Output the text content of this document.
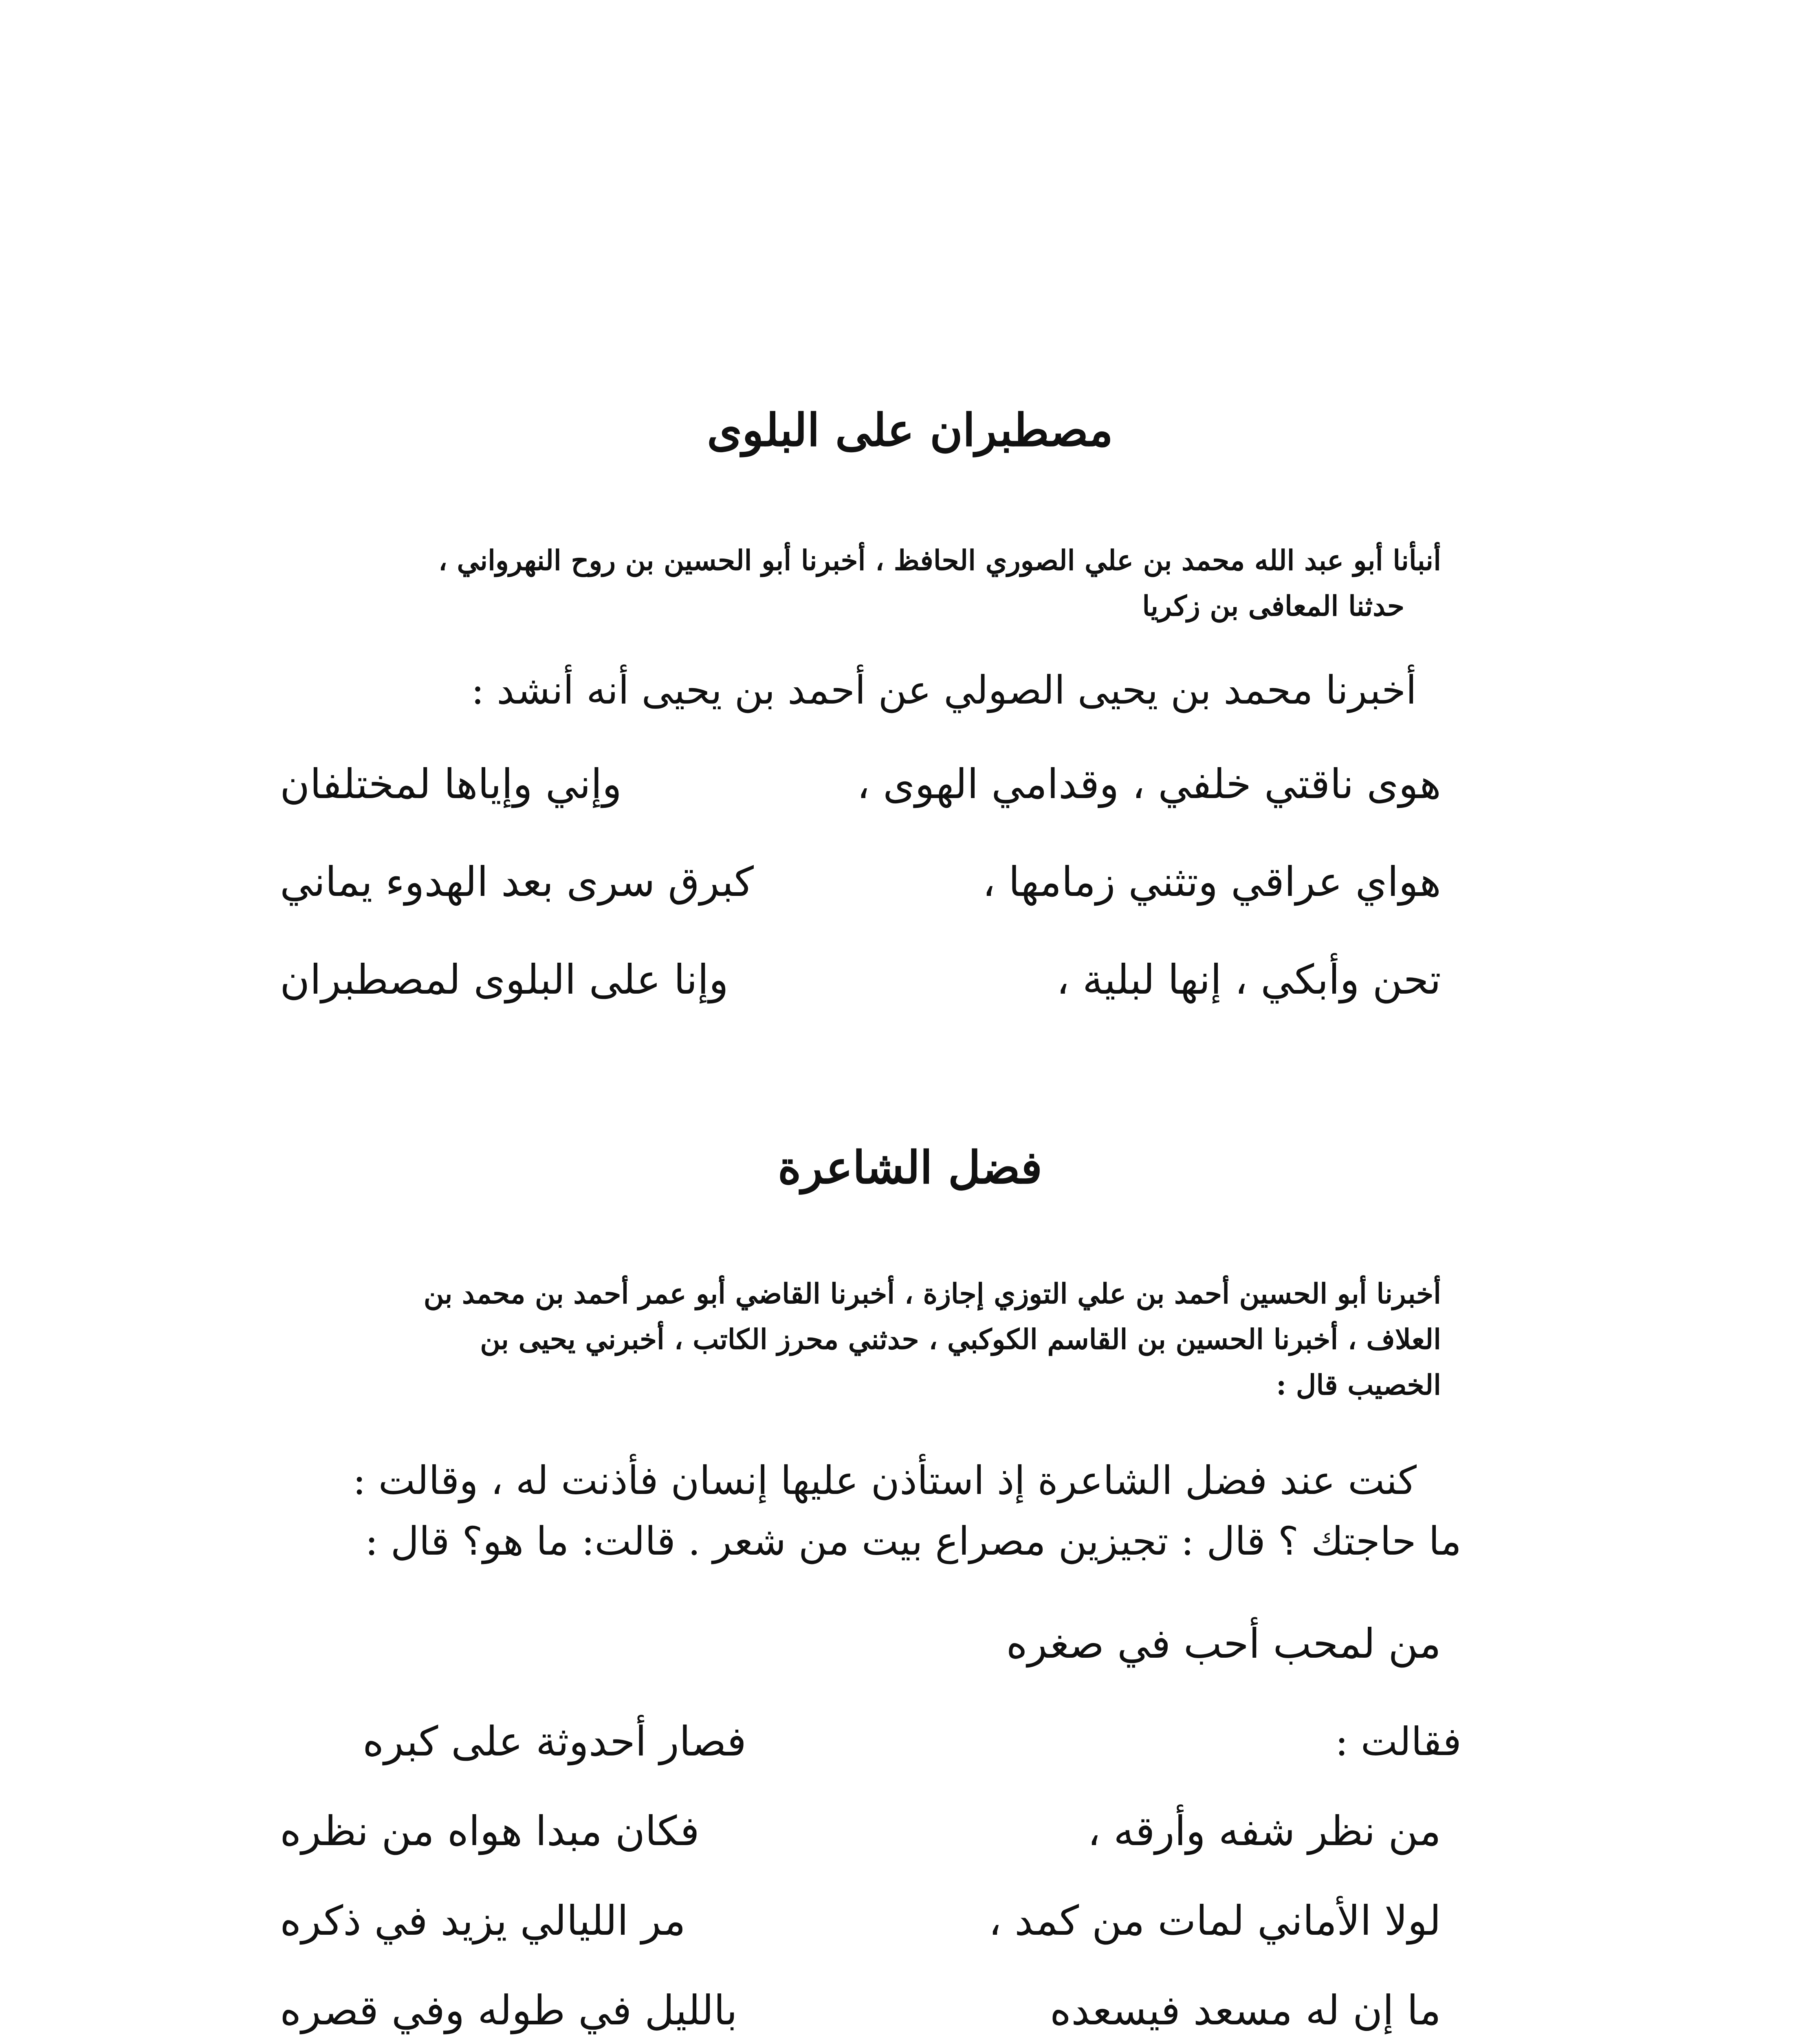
مصطبران على البلوى

أنبأنا أبو عبد الله محمد بن علي الصوري الحافظ ، أخبرنا أبو الحسين بن روح النهرواني ،

حدثنا المعافى بن زكريا

أخبرنا محمد بن يحيى الصولي عن أحمد بن يحيى أنه أنشد :

هوى ناقتي خلفي ، وقدامي الهوى ،
وإني وإياها لمختلفان
هواي عراقي وتثني زمامها ،
كبرق سرى بعد الهدوء يماني
تحن وأبكي ، إنها لبلية ،
وإنا على البلوى لمصطبران
فضل الشاعرة

أخبرنا أبو الحسين أحمد بن علي التوزي إجازة ، أخبرنا القاضي أبو عمر أحمد بن محمد بن

العلاف ، أخبرنا الحسين بن القاسم الكوكبي ، حدثني محرز الكاتب ، أخبرني يحيى بن

الخصيب قال :

كنت عند فضل الشاعرة إذ استأذن عليها إنسان فأذنت له ، وقالت :

ما حاجتك ؟ قال : تجيزين مصراع بيت من شعر . قالت: ما هو؟ قال :

من لمحب أحب في صغره
فقالت :
فصار أحدوثة على كبره
من نظر شفه وأرقه ،
فكان مبدا هواه من نظره
لولا الأماني لمات من كمد ،
مر الليالي يزيد في ذكره
ما إن له مسعد فيسعده
بالليل في طوله وفي قصره
